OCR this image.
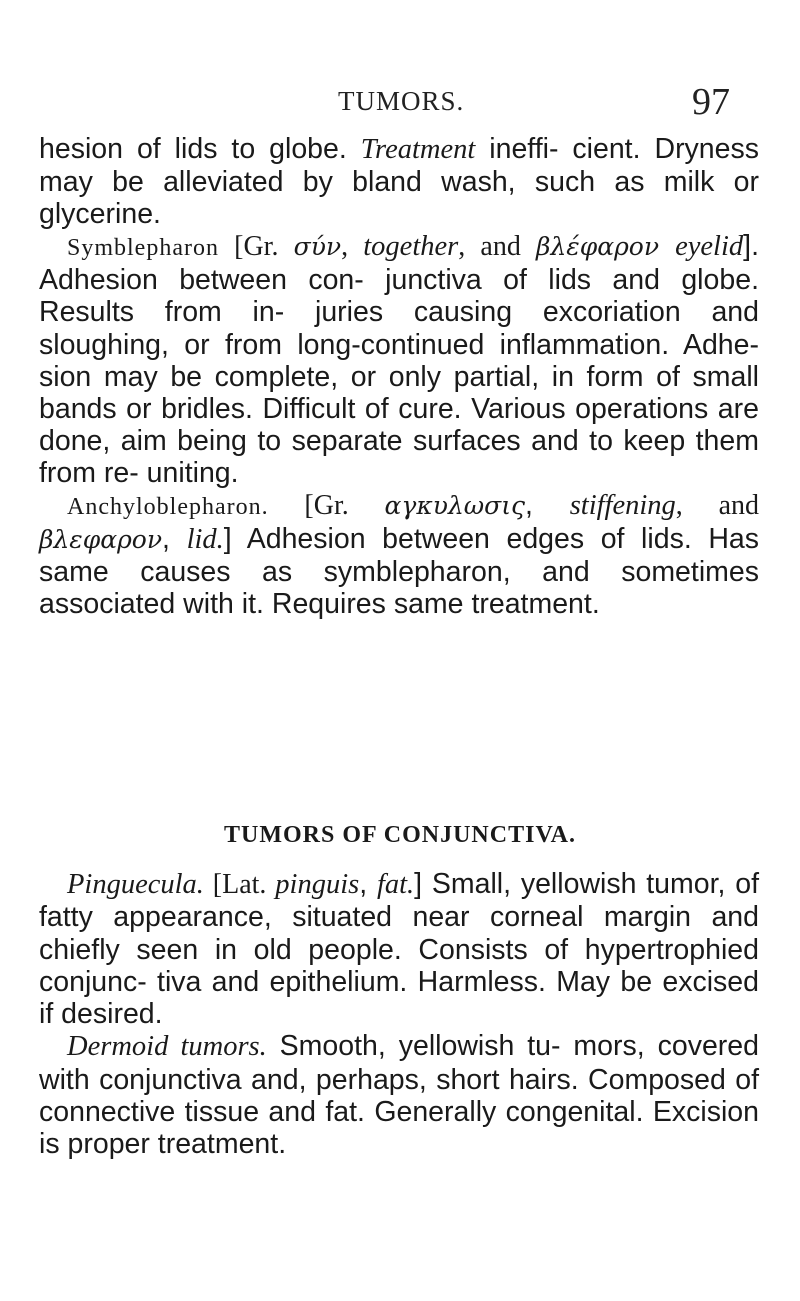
TUMORS.	97

hesion of lids to globe. Treatment ineffi- cient. Dryness may be alleviated by bland wash, such as milk or glycerine.

Symblepharon [Gr. σύν, together, and βλέφαρον eyelid]. Adhesion between con- junctiva of lids and globe. Results from in- juries causing excoriation and sloughing, or from long-continued inflammation. Adhe- sion may be complete, or only partial, in form of small bands or bridles. Difficult of cure. Various operations are done, aim being to separate surfaces and to keep them from re- uniting.

Anchyloblepharon. [Gr. αγκυλωσις, stiffening, and βλεφαρον, lid.] Adhesion between edges of lids. Has same causes as symblepharon, and sometimes associated with it. Requires same treatment.

TUMORS OF CONJUNCTIVA.

Pinguecula. [Lat. pinguis, fat.] Small, yellowish tumor, of fatty appearance, situated near corneal margin and chiefly seen in old people. Consists of hypertrophied conjunc- tiva and epithelium. Harmless. May be excised if desired.

Dermoid tumors. Smooth, yellowish tu- mors, covered with conjunctiva and, perhaps, short hairs. Composed of connective tissue and fat. Generally congenital. Excision is proper treatment.
